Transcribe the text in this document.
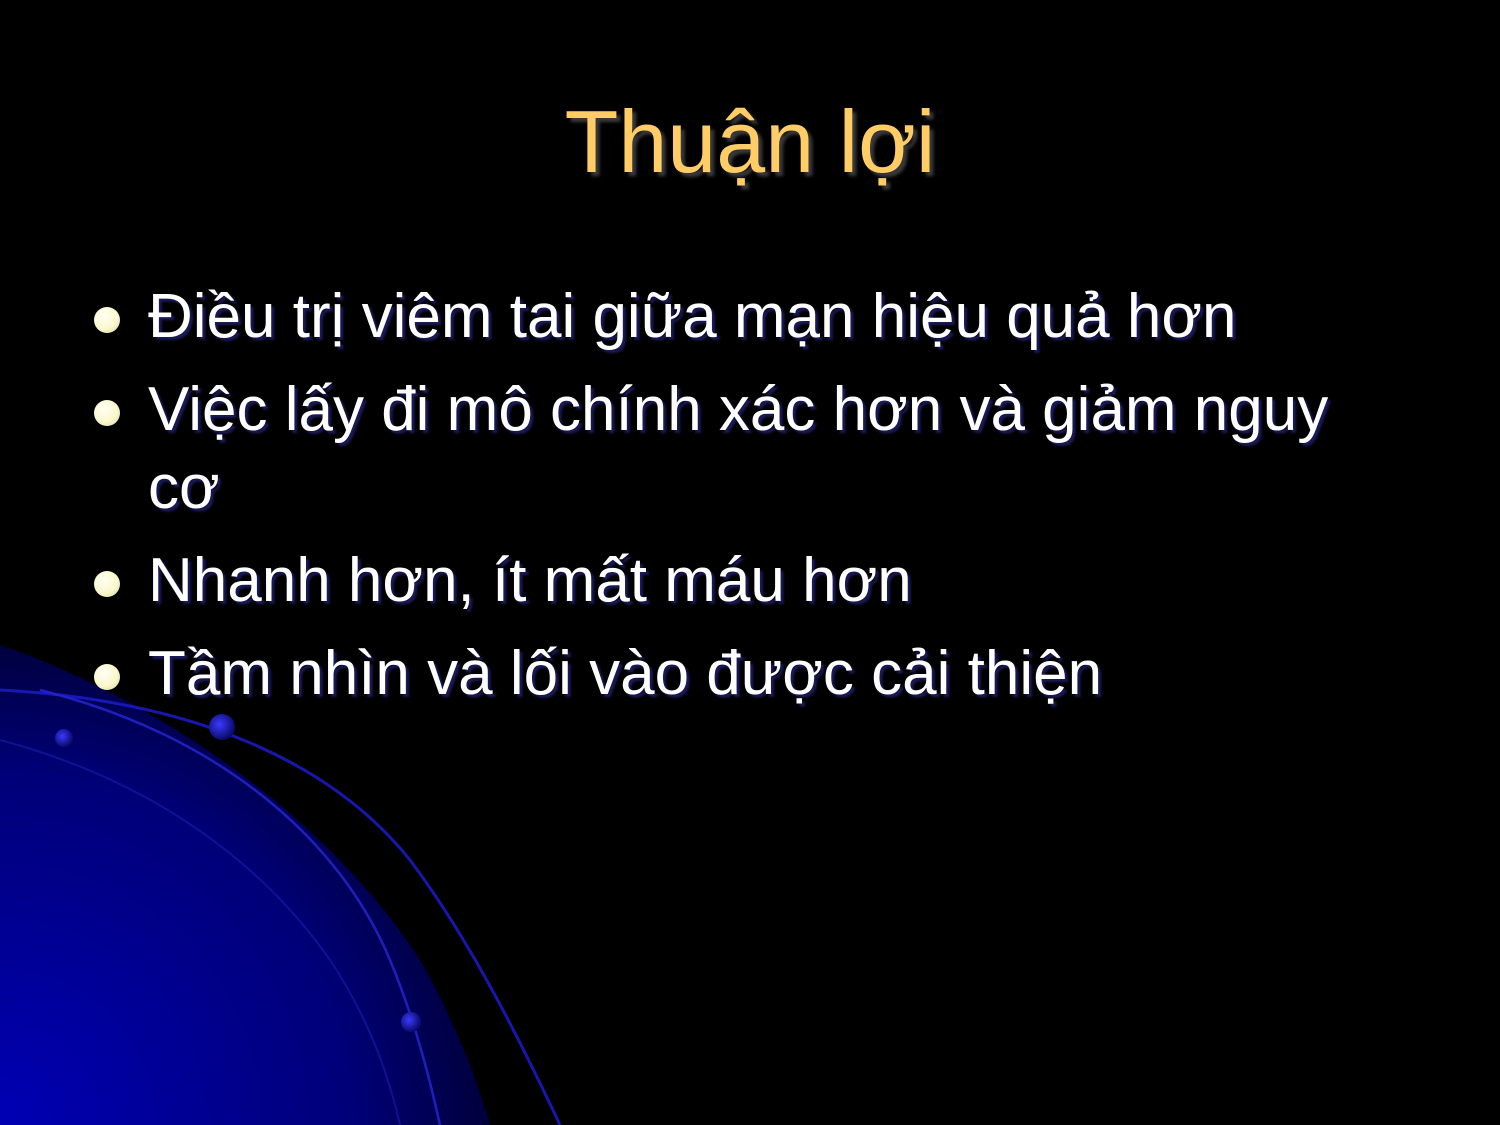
Thuận lợi
Điều trị viêm tai giữa mạn hiệu quả hơn
Việc lấy đi mô chính xác hơn và giảm nguy cơ
Nhanh hơn, ít mất máu hơn
Tầm nhìn và lối vào được cải thiện
